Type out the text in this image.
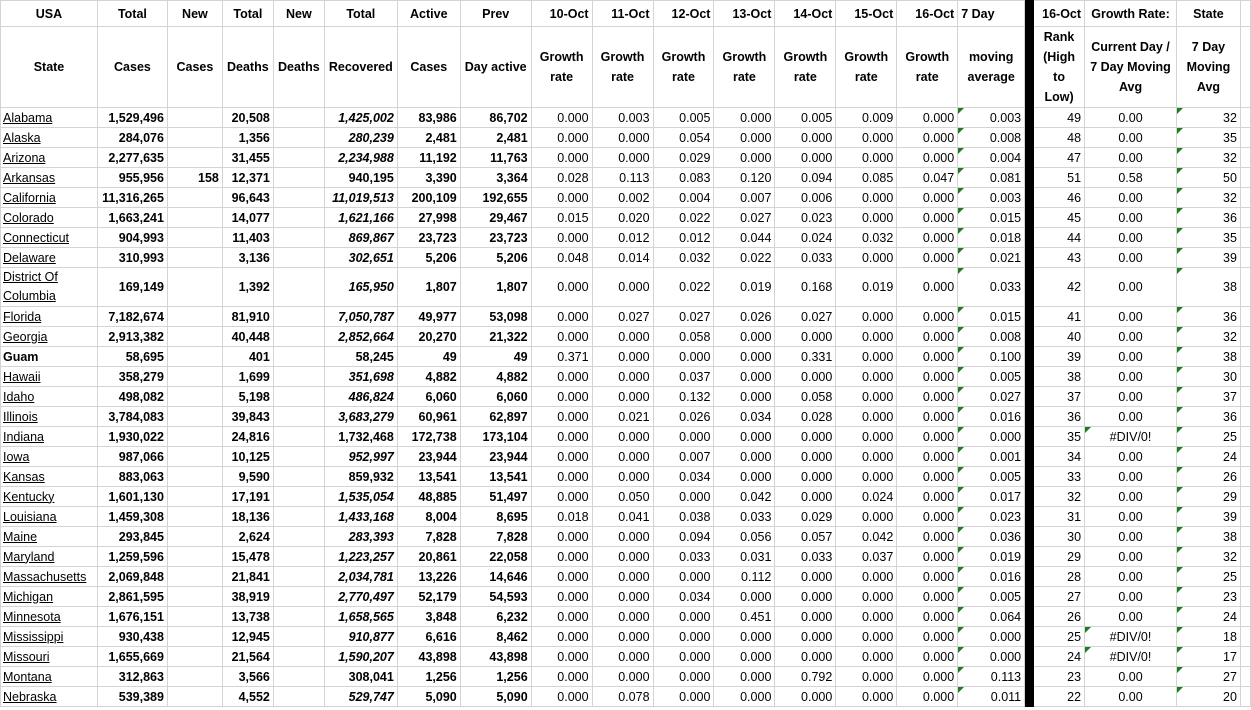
USA	Total	New	Total	New	Total	Active	Prev	10-Oct	11-Oct	12-Oct	13-Oct	14-Oct	15-Oct	16-Oct	7 Day		16-Oct	Growth Rate:	State	
State	Cases	Cases	Deaths	Deaths	Recovered	Cases	Day active	Growth rate	Growth rate	Growth rate	Growth rate	Growth rate	Growth rate	Growth rate	moving average		Rank (High to Low)	Current Day / 7 Day Moving Avg	7 Day Moving Avg	
Alabama	1,529,496		20,508		1,425,002	83,986	86,702	0.000	0.003	0.005	0.000	0.005	0.009	0.000	0.003		49	0.00	32	
Alaska	284,076		1,356		280,239	2,481	2,481	0.000	0.000	0.054	0.000	0.000	0.000	0.000	0.008		48	0.00	35	
Arizona	2,277,635		31,455		2,234,988	11,192	11,763	0.000	0.000	0.029	0.000	0.000	0.000	0.000	0.004		47	0.00	32	
Arkansas	955,956	158	12,371		940,195	3,390	3,364	0.028	0.113	0.083	0.120	0.094	0.085	0.047	0.081		51	0.58	50	
California	11,316,265		96,643		11,019,513	200,109	192,655	0.000	0.002	0.004	0.007	0.006	0.000	0.000	0.003		46	0.00	32	
Colorado	1,663,241		14,077		1,621,166	27,998	29,467	0.015	0.020	0.022	0.027	0.023	0.000	0.000	0.015		45	0.00	36	
Connecticut	904,993		11,403		869,867	23,723	23,723	0.000	0.012	0.012	0.044	0.024	0.032	0.000	0.018		44	0.00	35	
Delaware	310,993		3,136		302,651	5,206	5,206	0.048	0.014	0.032	0.022	0.033	0.000	0.000	0.021		43	0.00	39	
District Of Columbia	169,149		1,392		165,950	1,807	1,807	0.000	0.000	0.022	0.019	0.168	0.019	0.000	0.033		42	0.00	38	
Florida	7,182,674		81,910		7,050,787	49,977	53,098	0.000	0.027	0.027	0.026	0.027	0.000	0.000	0.015		41	0.00	36	
Georgia	2,913,382		40,448		2,852,664	20,270	21,322	0.000	0.000	0.058	0.000	0.000	0.000	0.000	0.008		40	0.00	32	
Guam	58,695		401		58,245	49	49	0.371	0.000	0.000	0.000	0.331	0.000	0.000	0.100		39	0.00	38	
Hawaii	358,279		1,699		351,698	4,882	4,882	0.000	0.000	0.037	0.000	0.000	0.000	0.000	0.005		38	0.00	30	
Idaho	498,082		5,198		486,824	6,060	6,060	0.000	0.000	0.132	0.000	0.058	0.000	0.000	0.027		37	0.00	37	
Illinois	3,784,083		39,843		3,683,279	60,961	62,897	0.000	0.021	0.026	0.034	0.028	0.000	0.000	0.016		36	0.00	36	
Indiana	1,930,022		24,816		1,732,468	172,738	173,104	0.000	0.000	0.000	0.000	0.000	0.000	0.000	0.000		35	#DIV/0!	25	
Iowa	987,066		10,125		952,997	23,944	23,944	0.000	0.000	0.007	0.000	0.000	0.000	0.000	0.001		34	0.00	24	
Kansas	883,063		9,590		859,932	13,541	13,541	0.000	0.000	0.034	0.000	0.000	0.000	0.000	0.005		33	0.00	26	
Kentucky	1,601,130		17,191		1,535,054	48,885	51,497	0.000	0.050	0.000	0.042	0.000	0.024	0.000	0.017		32	0.00	29	
Louisiana	1,459,308		18,136		1,433,168	8,004	8,695	0.018	0.041	0.038	0.033	0.029	0.000	0.000	0.023		31	0.00	39	
Maine	293,845		2,624		283,393	7,828	7,828	0.000	0.000	0.094	0.056	0.057	0.042	0.000	0.036		30	0.00	38	
Maryland	1,259,596		15,478		1,223,257	20,861	22,058	0.000	0.000	0.033	0.031	0.033	0.037	0.000	0.019		29	0.00	32	
Massachusetts	2,069,848		21,841		2,034,781	13,226	14,646	0.000	0.000	0.000	0.112	0.000	0.000	0.000	0.016		28	0.00	25	
Michigan	2,861,595		38,919		2,770,497	52,179	54,593	0.000	0.000	0.034	0.000	0.000	0.000	0.000	0.005		27	0.00	23	
Minnesota	1,676,151		13,738		1,658,565	3,848	6,232	0.000	0.000	0.000	0.451	0.000	0.000	0.000	0.064		26	0.00	24	
Mississippi	930,438		12,945		910,877	6,616	8,462	0.000	0.000	0.000	0.000	0.000	0.000	0.000	0.000		25	#DIV/0!	18	
Missouri	1,655,669		21,564		1,590,207	43,898	43,898	0.000	0.000	0.000	0.000	0.000	0.000	0.000	0.000		24	#DIV/0!	17	
Montana	312,863		3,566		308,041	1,256	1,256	0.000	0.000	0.000	0.000	0.792	0.000	0.000	0.113		23	0.00	27	
Nebraska	539,389		4,552		529,747	5,090	5,090	0.000	0.078	0.000	0.000	0.000	0.000	0.000	0.011		22	0.00	20	
